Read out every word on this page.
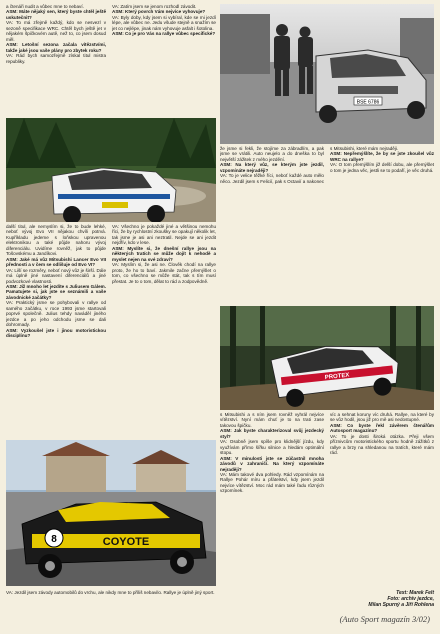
a čtenáři nudit a vůbec mne to nebaví.

ASM: Máte nějaký sen, který byste chtěl ještě uskutečnit?

VA: To má zřejmě každý, kdo se nesvezl v sezoně specifikace WRC. Chtěl bych ještě jet v nějakém špičkovém autě, než to, co jsem dosud měl.

ASM: Letošní sezona začala vítězstvími, takže jaké jsou vaše plány pro zbytek roku?

VA: Rád bych samozřejmě získal titul mistra republiky.

VA: Zatím jsem se jenom rozhodl závodit.

ASM: Který povrch Vám nejvíce vyhovuje?

VA: Byly doby, kdy jsem si vybíral, kde se mi jezdí lépe, ale vůbec ne. Jedu všude stejně a snažím se jet co nejlépe, jinak nám vyhovuje asfalt i šotolina.

ASM: Co je pro Vás na rallye vůbec specifické?

BSE 6786

další titul, ale nemyslím si, že to bude lehké, neboť vývoj Evo VII nějakou chvíli potrvá. Kupříkladu jedeme s loňskou upravenou elektronikou a také půjde nahoru vývoj diferenciálu. Uvidíme rovněž, jak to půjde Tošovskému a Jandíkovi.

ASM: Jaké má vůz Mitsubishi Lancer Evo VII přednosti a v čem se odlišuje od Evo VI?

VA: Liší se rozměry, neboť nový vůz je širší. Dále má úplně jiné nastavení diferenciálů a jiné podvozkové vlastnosti.

ASM: Již mnoho let jezdíte s Juliusem Gálem. Pamatujete si, jak jste se seznámili a vaše závodnické začátky?

VA: Praktický jsme se pohybovali v rallye od samého začátku, v roce 1993 jsme startovali poprvé společně. Julius tehdy naváděl jiného jezdce a po jeho odchodu jsme se dali dohromady.

ASM: Vyzkoušel jste i jinou motoristickou disciplínu?

VA: Všechno je pokaždé jiné a většinou nemohu říci, že by rychlostní zkoušky se opakují několik let, tak jsme je asi ani neztratil. Nejde se ani jezdit nejdřív, kdo v lese.

ASM: Myslíte si, že dnešní rallye jsou na některých tratích se může dojít k nehodě a myslet nejen na své zdraví?

VA: Myslím si, že asi ne. Člověk chodí na rallye proto, že ho to baví. Jakmile začne přemýšlet o tom, co všechno se může stát, tak s tím musí přestat. Je to o tom, dělat to rád a zodpovědně.

že jsme si řekli, že stojíme za zábradlím, a pak jsme se vrátili. Auto neujelo a do dneška to byl největší zážitek z mého jezdění.

ASM: Na který vůz, se kterým jste jezdil, vzpomínáte nejraději?

VA: To je velice těžké říci, neboť každé auto mělo něco. Jezdil jsem s Felicií, pak s Octavií a nakonec s Mitsubishi, které mám nejraději.

ASM: Nepřemýšlíte, že by se jste zkoušel vůz WRC na rallye?

VA: O tom přemýšlím již delší dobu, ale přemýšlet o tom je jedna věc, jestli se to podaří, je věc druhá.

PROTEX
COYOTE
8

VA: Jezdil jsem závody automobilů do vrchu, ale nikdy mne to příliš nebavilo. Rallye je úplně jiný sport.

s Mitsubishi a s ním jsem rovněž vyhrál nejvíce vítězství. Nyní mám chuť je to na trati zase takovou špičku.

ASM: Jak byste charakterizoval svůj jezdecký styl?

VA: Osobně jsem spíše pro klidnější jízdu, kdy využívám přímo šířku silnice a hledám optimální stopu.

ASM: V minulosti jste se zúčastnil mnoha závodů v zahraničí. Na který vzpomínáte nejraději?

VA: Mám takové dva pohledy. Rád vzpomínám na Rallye Pohár míru a přátelství, kdy jsem jezdil nejvíce vítězství. Moc rád mám také řadu různých vzpomínek.

víc a sehnat koruny víc druhá. Rallye, na které by se vůz hodil, jsou již pro mě asi nedostupné.

ASM: Co byste řekl závěrem čtenářům Autosport magazínu?

VA: To je dosti široká otázka. Přeji všem příznivcům motoristického sportu hodně zážitků z rallye a brzy na shledanou na tratích, které mám rád.

Text: Marek Felt
Foto: archiv jezdce,
Milan Spurný a Jiří Rohlena
(Auto Sport magazín 3/02)
